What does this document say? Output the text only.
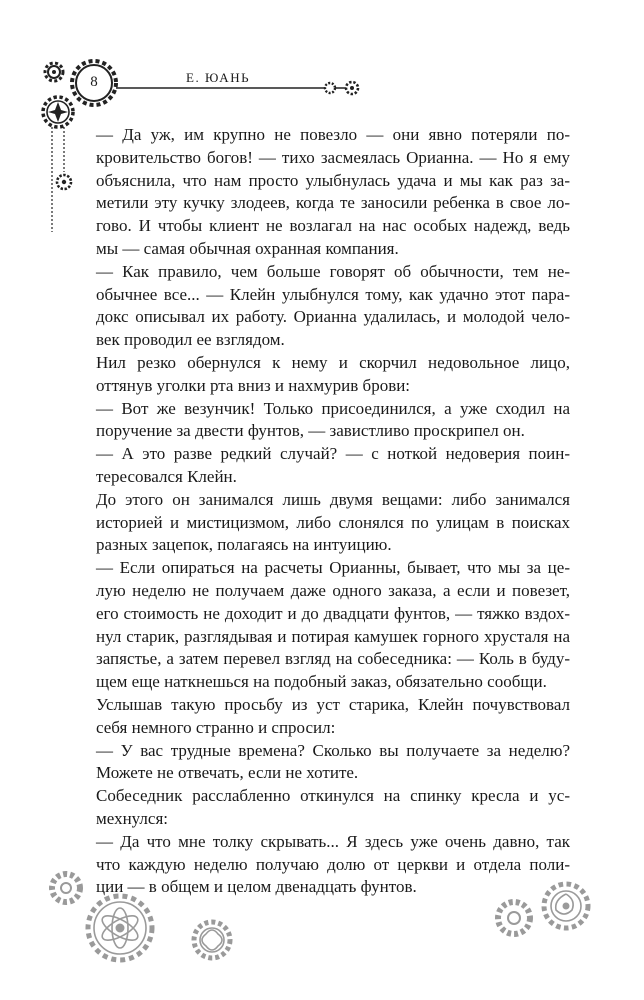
8	Е. ЮАНЬ
— Да уж, им крупно не повезло — они явно потеряли по-
кровительство богов! — тихо засмеялась Орианна. — Но я ему
объяснила, что нам просто улыбнулась удача и мы как раз за-
метили эту кучку злодеев, когда те заносили ребенка в свое ло-
гово. И чтобы клиент не возлагал на нас особых надежд, ведь
мы — самая обычная охранная компания.
— Как правило, чем больше говорят об обычности, тем не-
обычнее все... — Клейн улыбнулся тому, как удачно этот пара-
докс описывал их работу. Орианна удалилась, и молодой чело-
век проводил ее взглядом.
Нил резко обернулся к нему и скорчил недовольное лицо,
оттянув уголки рта вниз и нахмурив брови:
— Вот же везунчик! Только присоединился, а уже сходил на
поручение за двести фунтов, — завистливо проскрипел он.
— А это разве редкий случай? — с ноткой недоверия поин-
тересовался Клейн.
До этого он занимался лишь двумя вещами: либо занимался
историей и мистицизмом, либо слонялся по улицам в поисках
разных зацепок, полагаясь на интуицию.
— Если опираться на расчеты Орианны, бывает, что мы за це-
лую неделю не получаем даже одного заказа, а если и повезет,
его стоимость не доходит и до двадцати фунтов, — тяжко вздох-
нул старик, разглядывая и потирая камушек горного хрусталя на
запястье, а затем перевел взгляд на собеседника: — Коль в буду-
щем еще наткнешься на подобный заказ, обязательно сообщи.
Услышав такую просьбу из уст старика, Клейн почувствовал
себя немного странно и спросил:
— У вас трудные времена? Сколько вы получаете за неделю?
Можете не отвечать, если не хотите.
Собеседник расслабленно откинулся на спинку кресла и ус-
мехнулся:
— Да что мне толку скрывать... Я здесь уже очень давно, так
что каждую неделю получаю долю от церкви и отдела поли-
ции — в общем и целом двенадцать фунтов.
